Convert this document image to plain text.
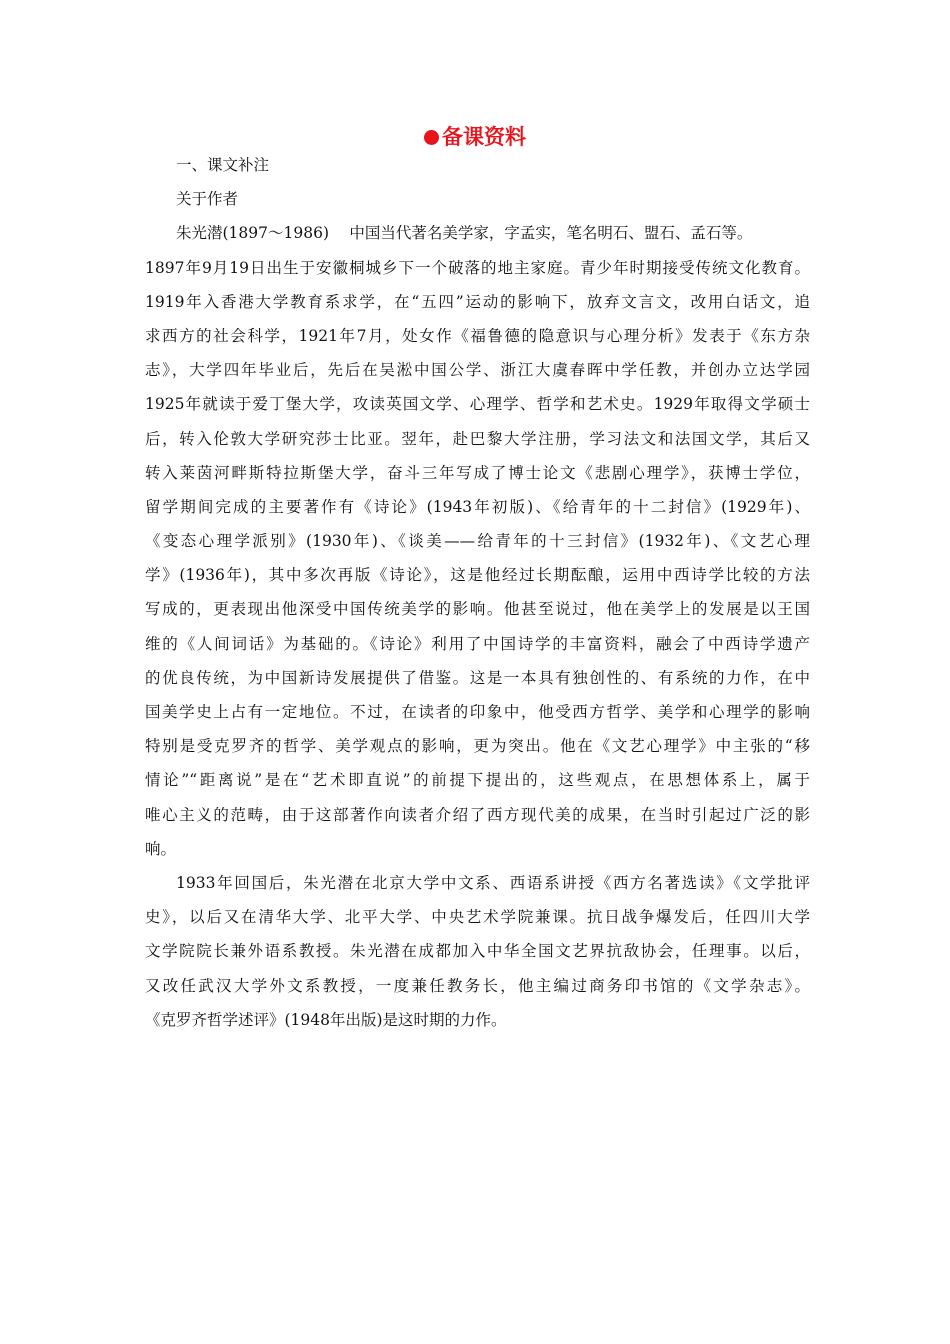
备课资料
一、课文补注
关于作者
朱光潜(1897～1986)　 中国当代著名美学家，字孟实，笔名明石、盟石、孟石等。
1897年9月19日出生于安徽桐城乡下一个破落的地主家庭。青少年时期接受传统文化教育。
1919年入香港大学教育系求学，在“五四”运动的影响下，放弃文言文，改用白话文，追
求西方的社会科学，1921年7月，处女作《福鲁德的隐意识与心理分析》发表于《东方杂
志》，大学四年毕业后，先后在吴淞中国公学、浙江大虞春晖中学任教，并创办立达学园
1925年就读于爱丁堡大学，攻读英国文学、心理学、哲学和艺术史。1929年取得文学硕士
后，转入伦敦大学研究莎士比亚。翌年，赴巴黎大学注册，学习法文和法国文学，其后又
转入莱茵河畔斯特拉斯堡大学，奋斗三年写成了博士论文《悲剧心理学》，获博士学位，
留学期间完成的主要著作有《诗论》(1943年初版)、《给青年的十二封信》(1929年)、
《变态心理学派别》(1930年)、《谈美——给青年的十三封信》(1932年)、《文艺心理
学》(1936年)，其中多次再版《诗论》，这是他经过长期酝酿，运用中西诗学比较的方法
写成的，更表现出他深受中国传统美学的影响。他甚至说过，他在美学上的发展是以王国
维的《人间词话》为基础的。《诗论》利用了中国诗学的丰富资料，融会了中西诗学遗产
的优良传统，为中国新诗发展提供了借鉴。这是一本具有独创性的、有系统的力作，在中
国美学史上占有一定地位。不过，在读者的印象中，他受西方哲学、美学和心理学的影响
特别是受克罗齐的哲学、美学观点的影响，更为突出。他在《文艺心理学》中主张的“移
情论”“距离说”是在“艺术即直说”的前提下提出的，这些观点，在思想体系上，属于
唯心主义的范畴，由于这部著作向读者介绍了西方现代美的成果，在当时引起过广泛的影
响。
1933年回国后，朱光潜在北京大学中文系、西语系讲授《西方名著选读》《文学批评
史》，以后又在清华大学、北平大学、中央艺术学院兼课。抗日战争爆发后，任四川大学
文学院院长兼外语系教授。朱光潜在成都加入中华全国文艺界抗敌协会，任理事。以后，
又改任武汉大学外文系教授，一度兼任教务长，他主编过商务印书馆的《文学杂志》。
《克罗齐哲学述评》(1948年出版)是这时期的力作。
